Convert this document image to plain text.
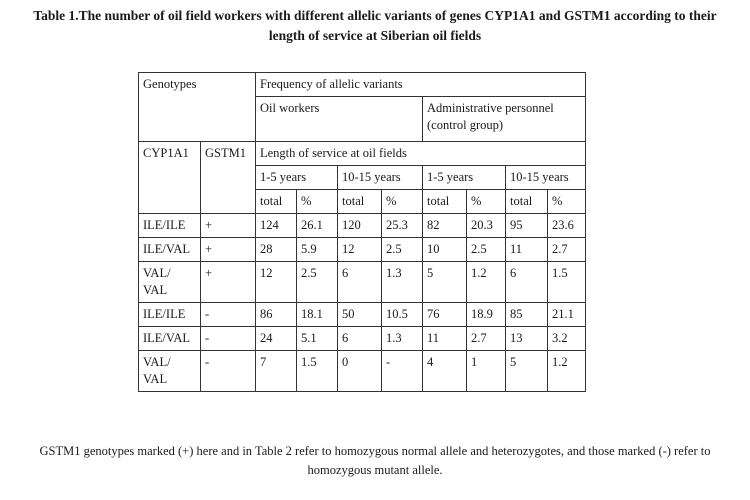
Table 1.The number of oil field workers with different allelic variants of genes CYP1A1 and GSTM1 according to their length of service at Siberian oil fields
Genotypes		Frequency of allelic variants							
		Oil workers				Administrative personnel (control group)			
CYP1A1	GSTM1	Length of service at oil fields							
		1-5 years		10-15 years		1-5 years		10-15 years	
		total	%	total	%	total	%	total	%
ILE/ILE	+	124	26.1	120	25.3	82	20.3	95	23.6
ILE/VAL	+	28	5.9	12	2.5	10	2.5	11	2.7
VAL/ VAL	+	12	2.5	6	1.3	5	1.2	6	1.5
ILE/ILE	-	86	18.1	50	10.5	76	18.9	85	21.1
ILE/VAL	-	24	5.1	6	1.3	11	2.7	13	3.2
VAL/ VAL	-	7	1.5	0	-	4	1	5	1.2
GSTM1 genotypes marked (+) here and in Table 2 refer to homozygous normal allele and heterozygotes, and those marked (-) refer to homozygous mutant allele.
